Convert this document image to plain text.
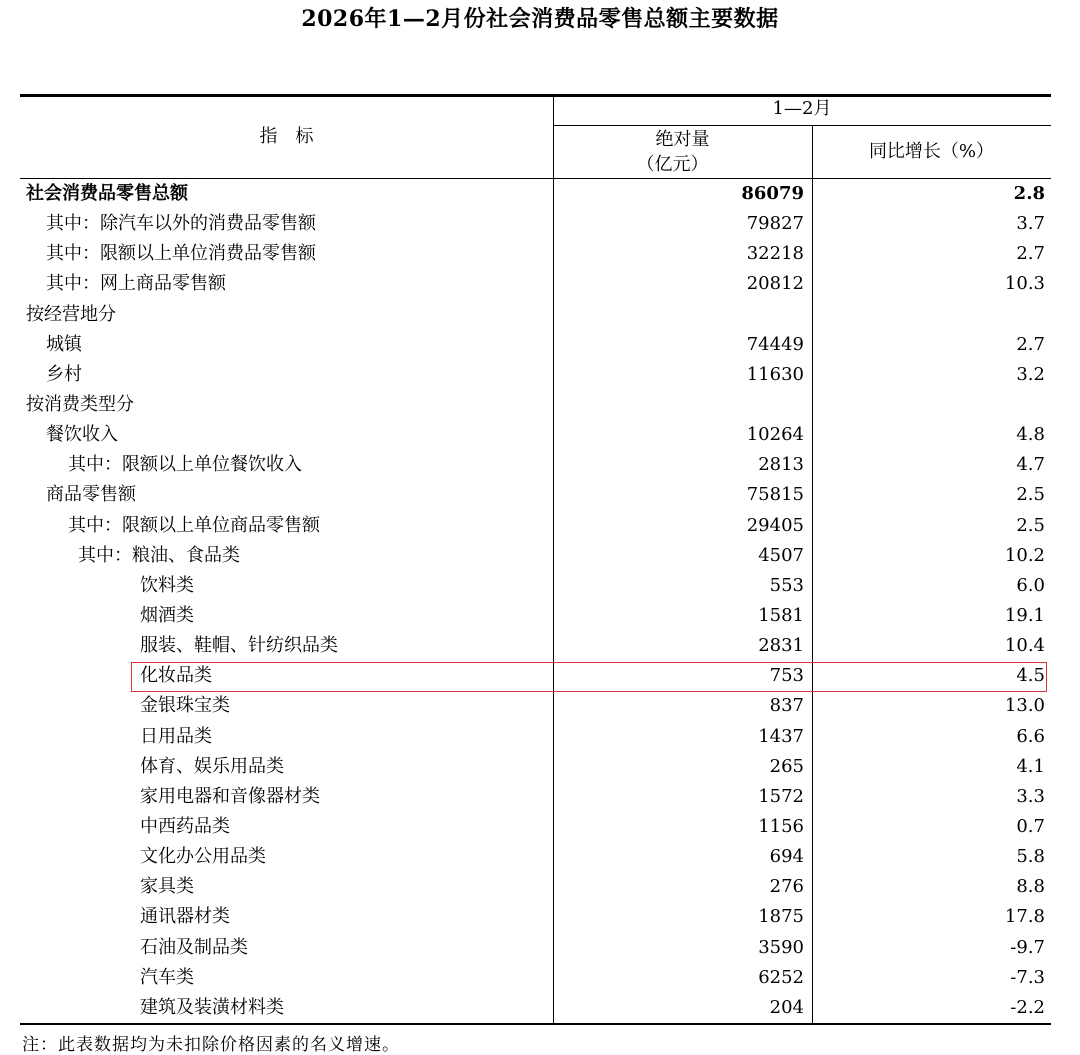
2026年1—2月份社会消费品零售总额主要数据
指　标
1—2月
绝对量
（亿元）
同比增长（%）
社会消费品零售总额	86079	2.8
其中：除汽车以外的消费品零售额	79827	3.7
其中：限额以上单位消费品零售额	32218	2.7
其中：网上商品零售额	20812	10.3
按经营地分
城镇	74449	2.7
乡村	11630	3.2
按消费类型分
餐饮收入	10264	4.8
其中：限额以上单位餐饮收入	2813	4.7
商品零售额	75815	2.5
其中：限额以上单位商品零售额	29405	2.5
其中：粮油、食品类	4507	10.2
饮料类	553	6.0
烟酒类	1581	19.1
服装、鞋帽、针纺织品类	2831	10.4
化妆品类	753	4.5
金银珠宝类	837	13.0
日用品类	1437	6.6
体育、娱乐用品类	265	4.1
家用电器和音像器材类	1572	3.3
中西药品类	1156	0.7
文化办公用品类	694	5.8
家具类	276	8.8
通讯器材类	1875	17.8
石油及制品类	3590	-9.7
汽车类	6252	-7.3
建筑及装潢材料类	204	-2.2
注：此表数据均为未扣除价格因素的名义增速。
